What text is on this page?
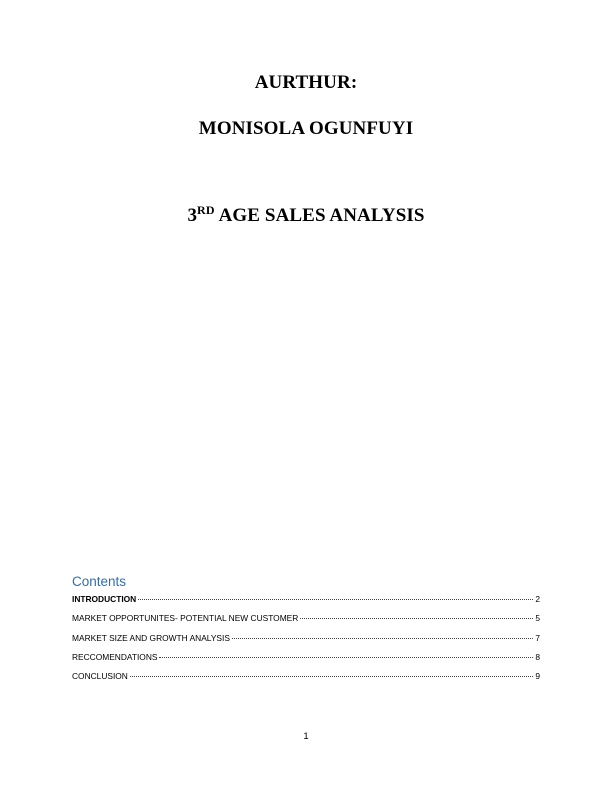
AURTHUR:
MONISOLA OGUNFUYI
3RD AGE SALES ANALYSIS
Contents
INTRODUCTION	2
MARKET OPPORTUNITES- POTENTIAL NEW CUSTOMER	5
MARKET SIZE AND GROWTH ANALYSIS	7
RECCOMENDATIONS	8
CONCLUSION	9
1
